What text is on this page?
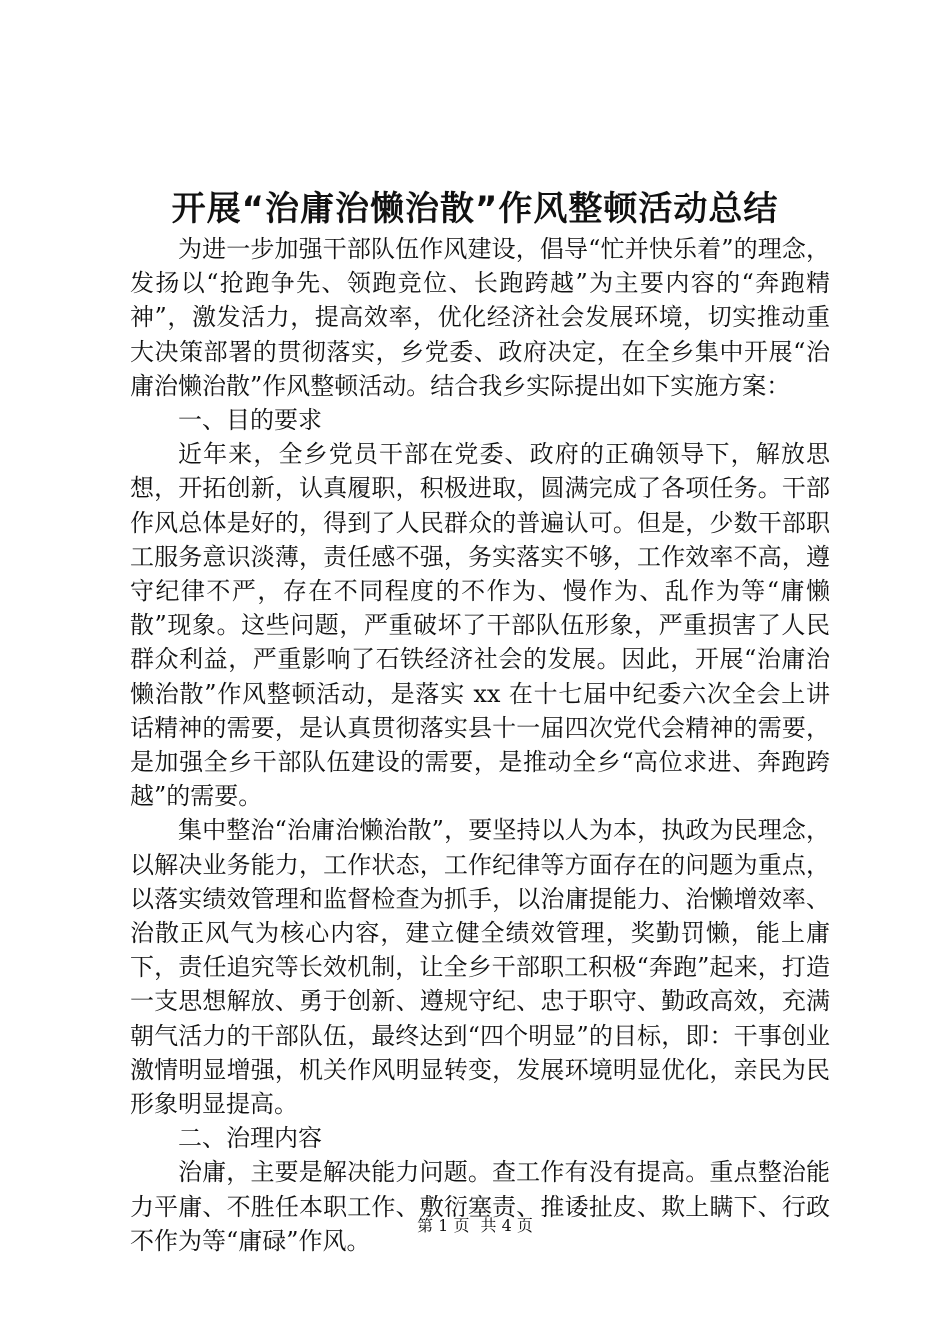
开展“治庸治懒治散”作风整顿活动总结

为进一步加强干部队伍作风建设，倡导“忙并快乐着”的理念，发扬以“抢跑争先、领跑竞位、长跑跨越”为主要内容的“奔跑精神”，激发活力，提高效率，优化经济社会发展环境，切实推动重大决策部署的贯彻落实，乡党委、政府决定，在全乡集中开展“治庸治懒治散”作风整顿活动。结合我乡实际提出如下实施方案：

一、目的要求

近年来，全乡党员干部在党委、政府的正确领导下，解放思想，开拓创新，认真履职，积极进取，圆满完成了各项任务。干部作风总体是好的，得到了人民群众的普遍认可。但是，少数干部职工服务意识淡薄，责任感不强，务实落实不够，工作效率不高，遵守纪律不严，存在不同程度的不作为、慢作为、乱作为等“庸懒散”现象。这些问题，严重破坏了干部队伍形象，严重损害了人民群众利益，严重影响了石铁经济社会的发展。因此，开展“治庸治懒治散”作风整顿活动，是落实 xx 在十七届中纪委六次全会上讲话精神的需要，是认真贯彻落实县十一届四次党代会精神的需要，是加强全乡干部队伍建设的需要，是推动全乡“高位求进、奔跑跨越”的需要。

集中整治“治庸治懒治散”，要坚持以人为本，执政为民理念，以解决业务能力，工作状态，工作纪律等方面存在的问题为重点，以落实绩效管理和监督检查为抓手，以治庸提能力、治懒增效率、治散正风气为核心内容，建立健全绩效管理，奖勤罚懒，能上庸下，责任追究等长效机制，让全乡干部职工积极“奔跑”起来，打造一支思想解放、勇于创新、遵规守纪、忠于职守、勤政高效，充满朝气活力的干部队伍，最终达到“四个明显”的目标，即：干事创业激情明显增强，机关作风明显转变，发展环境明显优化，亲民为民形象明显提高。

二、治理内容

治庸，主要是解决能力问题。查工作有没有提高。重点整治能力平庸、不胜任本职工作、敷衍塞责、推诿扯皮、欺上瞒下、行政不作为等“庸碌”作风。

第 1 页 共 4 页
